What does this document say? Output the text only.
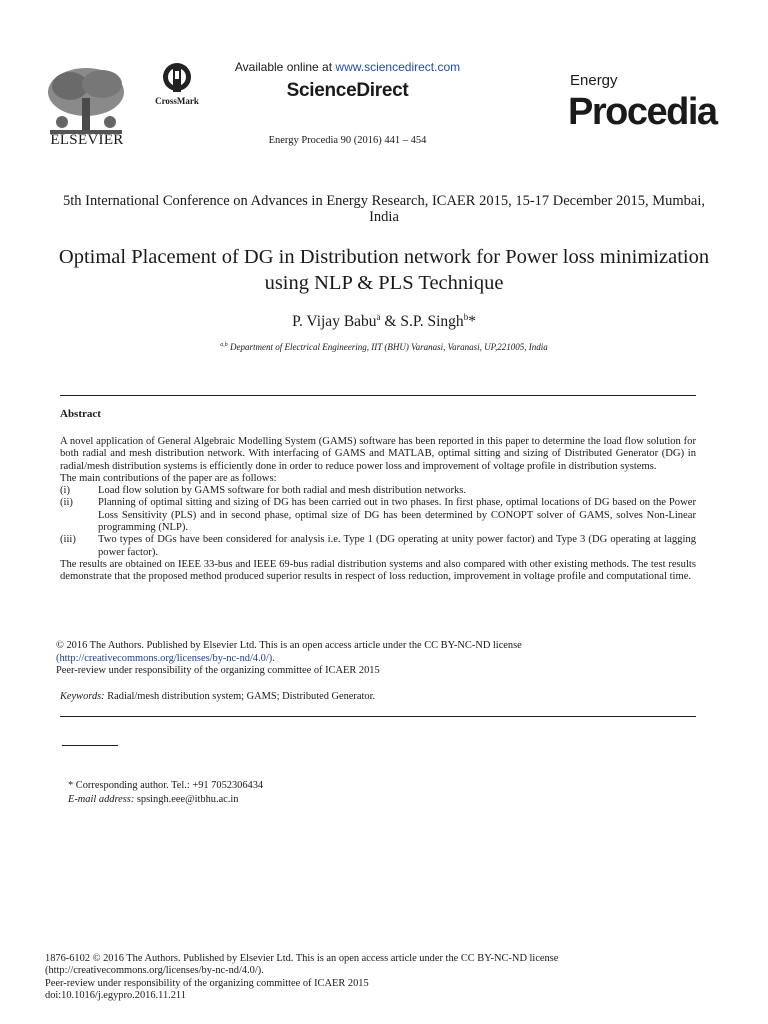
ELSEVIER
CrossMark
Available online at www.sciencedirect.com
ScienceDirect
Energy Procedia 90 (2016) 441 – 454
Energy
Procedia
5th International Conference on Advances in Energy Research, ICAER 2015, 15-17 December 2015, Mumbai, India
Optimal Placement of DG in Distribution network for Power loss minimization using NLP & PLS Technique
P. Vijay Babu$^a$ & S.P. Singh$^b$*
$^{a,b}$ Department of Electrical Engineering, IIT (BHU) Varanasi, Varanasi, UP,221005, India
Abstract

A novel application of General Algebraic Modelling System (GAMS) software has been reported in this paper to determine the load flow solution for both radial and mesh distribution network. With interfacing of GAMS and MATLAB, optimal sitting and sizing of Distributed Generator (DG) in radial/mesh distribution systems is efficiently done in order to reduce power loss and improvement of voltage profile in distribution systems.

The main contributions of the paper are as follows:

(i)	Load flow solution by GAMS software for both radial and mesh distribution networks.
(ii)	Planning of optimal sitting and sizing of DG has been carried out in two phases. In first phase, optimal locations of DG based on the Power Loss Sensitivity (PLS) and in second phase, optimal size of DG has been determined by CONOPT solver of GAMS, solves Non-Linear programming (NLP).
(iii)	Two types of DGs have been considered for analysis i.e. Type 1 (DG operating at unity power factor) and Type 3 (DG operating at lagging power factor).

The results are obtained on IEEE 33-bus and IEEE 69-bus radial distribution systems and also compared with other existing methods. The test results demonstrate that the proposed method produced superior results in respect of loss reduction, improvement in voltage profile and computational time.

© 2016 The Authors. Published by Elsevier Ltd. This is an open access article under the CC BY-NC-ND license
(http://creativecommons.org/licenses/by-nc-nd/4.0/).
Peer-review under responsibility of the organizing committee of ICAER 2015
Keywords: Radial/mesh distribution system; GAMS; Distributed Generator.
* Corresponding author. Tel.: +91 7052306434
E-mail address: spsingh.eee@itbhu.ac.in
1876-6102 © 2016 The Authors. Published by Elsevier Ltd. This is an open access article under the CC BY-NC-ND license
(http://creativecommons.org/licenses/by-nc-nd/4.0/).
Peer-review under responsibility of the organizing committee of ICAER 2015
doi:10.1016/j.egypro.2016.11.211
